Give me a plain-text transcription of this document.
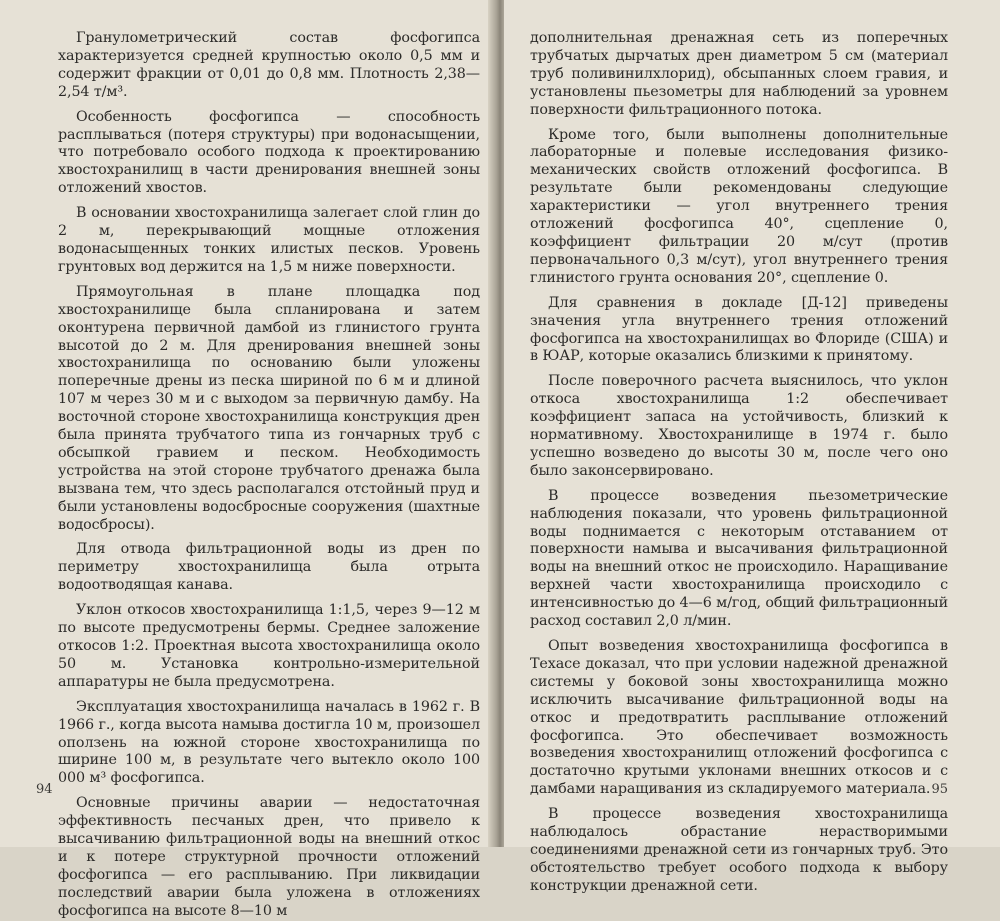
Гранулометрический состав фосфогипса характеризуется средней крупностью около 0,5 мм и содержит фракции от 0,01 до 0,8 мм. Плотность 2,38—2,54 т/м³.

Особенность фосфогипса — способность расплываться (потеря структуры) при водонасыщении, что потребовало особого подхода к проектированию хвостохранилищ в части дренирования внешней зоны отложений хвостов.

В основании хвостохранилища залегает слой глин до 2 м, перекрывающий мощные отложения водонасыщенных тонких илистых песков. Уровень грунтовых вод держится на 1,5 м ниже поверхности.

Прямоугольная в плане площадка под хвостохранилище была спланирована и затем оконтурена первичной дамбой из глинистого грунта высотой до 2 м. Для дренирования внешней зоны хвостохранилища по основанию были уложены поперечные дрены из песка шириной по 6 м и длиной 107 м через 30 м и с выходом за первичную дамбу. На восточной стороне хвостохранилища конструкция дрен была принята трубчатого типа из гончарных труб с обсыпкой гравием и песком. Необходимость устройства на этой стороне трубчатого дренажа была вызвана тем, что здесь располагался отстойный пруд и были установлены водосбросные сооружения (шахтные водосбросы).

Для отвода фильтрационной воды из дрен по периметру хвостохранилища была отрыта водоотводящая канава.

Уклон откосов хвостохранилища 1:1,5, через 9—12 м по высоте предусмотрены бермы. Среднее заложение откосов 1:2. Проектная высота хвостохранилища около 50 м. Установка контрольно-измерительной аппаратуры не была предусмотрена.

Эксплуатация хвостохранилища началась в 1962 г. В 1966 г., когда высота намыва достигла 10 м, произошел оползень на южной стороне хвостохранилища по ширине 100 м, в результате чего вытекло около 100 000 м³ фосфогипса.

Основные причины аварии — недостаточная эффективность песчаных дрен, что привело к высачиванию фильтрационной воды на внешний откос и к потере структурной прочности отложений фосфогипса — его расплыванию. При ликвидации последствий аварии была уложена в отложениях фосфогипса на высоте 8—10 м

94

дополнительная дренажная сеть из поперечных трубчатых дырчатых дрен диаметром 5 см (материал труб поливинилхлорид), обсыпанных слоем гравия, и установлены пьезометры для наблюдений за уровнем поверхности фильтрационного потока.

Кроме того, были выполнены дополнительные лабораторные и полевые исследования физико-механических свойств отложений фосфогипса. В результате были рекомендованы следующие характеристики — угол внутреннего трения отложений фосфогипса 40°, сцепление 0, коэффициент фильтрации 20 м/сут (против первоначального 0,3 м/сут), угол внутреннего трения глинистого грунта основания 20°, сцепление 0.

Для сравнения в докладе [Д-12] приведены значения угла внутреннего трения отложений фосфогипса на хвостохранилищах во Флориде (США) и в ЮАР, которые оказались близкими к принятому.

После поверочного расчета выяснилось, что уклон откоса хвостохранилища 1:2 обеспечивает коэффициент запаса на устойчивость, близкий к нормативному. Хвостохранилище в 1974 г. было успешно возведено до высоты 30 м, после чего оно было законсервировано.

В процессе возведения пьезометрические наблюдения показали, что уровень фильтрационной воды поднимается с некоторым отставанием от поверхности намыва и высачивания фильтрационной воды на внешний откос не происходило. Наращивание верхней части хвостохранилища происходило с интенсивностью до 4—6 м/год, общий фильтрационный расход составил 2,0 л/мин.

Опыт возведения хвостохранилища фосфогипса в Техасе доказал, что при условии надежной дренажной системы у боковой зоны хвостохранилища можно исключить высачивание фильтрационной воды на откос и предотвратить расплывание отложений фосфогипса. Это обеспечивает возможность возведения хвостохранилищ отложений фосфогипса с достаточно крутыми уклонами внешних откосов и с дамбами наращивания из складируемого материала.

В процессе возведения хвостохранилища наблюдалось обрастание нерастворимыми соединениями дренажной сети из гончарных труб. Это обстоятельство требует особого подхода к выбору конструкции дренажной сети.

95
